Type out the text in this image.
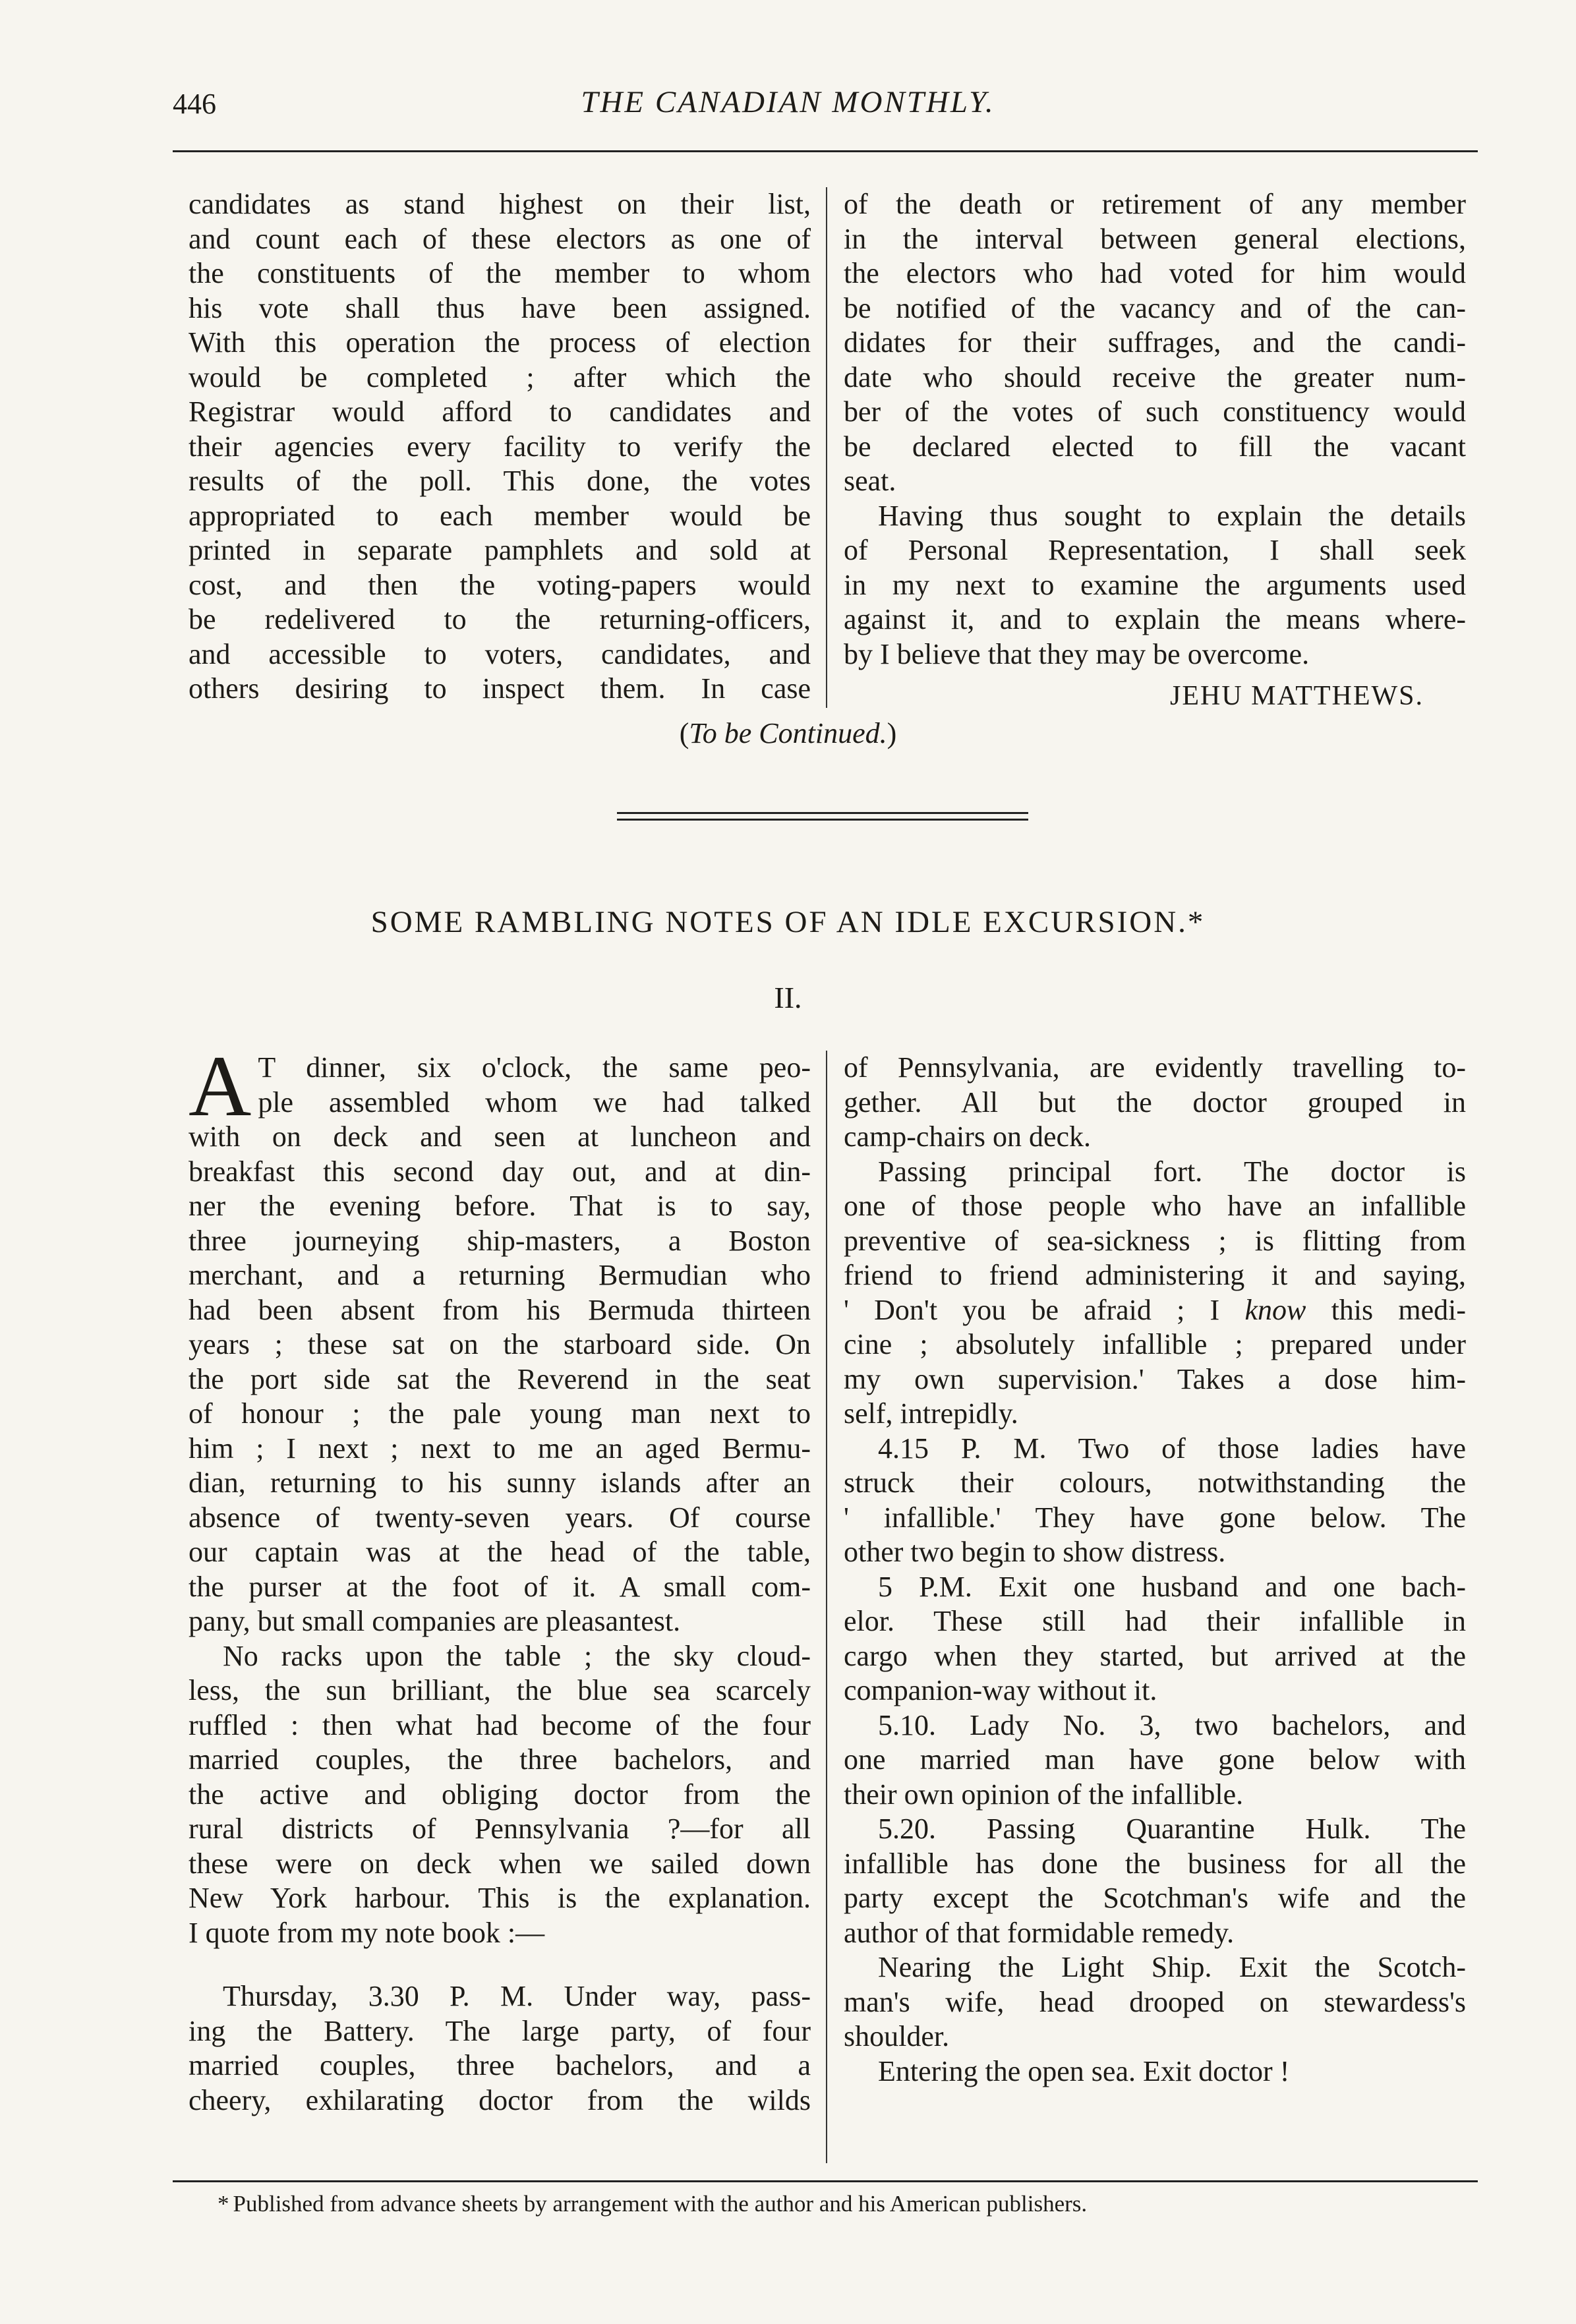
446	THE CANADIAN MONTHLY.
candidates as stand highest on their list,
and count each of these electors as one of
the constituents of the member to whom
his vote shall thus have been assigned.
With this operation the process of election
would be completed ; after which the
Registrar would afford to candidates and
their agencies every facility to verify the
results of the poll. This done, the votes
appropriated to each member would be
printed in separate pamphlets and sold at
cost, and then the voting-papers would
be redelivered to the returning-officers,
and accessible to voters, candidates, and
others desiring to inspect them. In case
of the death or retirement of any member
in the interval between general elections,
the electors who had voted for him would
be notified of the vacancy and of the can-
didates for their suffrages, and the candi-
date who should receive the greater num-
ber of the votes of such constituency would
be declared elected to fill the vacant
seat.
Having thus sought to explain the details
of Personal Representation, I shall seek
in my next to examine the arguments used
against it, and to explain the means where-
by I believe that they may be overcome.
JEHU MATTHEWS.
(To be Continued.)
SOME RAMBLING NOTES OF AN IDLE EXCURSION.*
II.
A T dinner, six o'clock, the same peo-
ple assembled whom we had talked
with on deck and seen at luncheon and
breakfast this second day out, and at din-
ner the evening before. That is to say,
three journeying ship-masters, a Boston
merchant, and a returning Bermudian who
had been absent from his Bermuda thirteen
years ; these sat on the starboard side. On
the port side sat the Reverend in the seat
of honour ; the pale young man next to
him ; I next ; next to me an aged Bermu-
dian, returning to his sunny islands after an
absence of twenty-seven years. Of course
our captain was at the head of the table,
the purser at the foot of it. A small com-
pany, but small companies are pleasantest.
No racks upon the table ; the sky cloud-
less, the sun brilliant, the blue sea scarcely
ruffled : then what had become of the four
married couples, the three bachelors, and
the active and obliging doctor from the
rural districts of Pennsylvania ?—for all
these were on deck when we sailed down
New York harbour. This is the explanation.
I quote from my note book :—
Thursday, 3.30 P. M. Under way, pass-
ing the Battery. The large party, of four
married couples, three bachelors, and a
cheery, exhilarating doctor from the wilds
of Pennsylvania, are evidently travelling to-
gether. All but the doctor grouped in
camp-chairs on deck.
Passing principal fort. The doctor is
one of those people who have an infallible
preventive of sea-sickness ; is flitting from
friend to friend administering it and saying,
' Don't you be afraid ; I know this medi-
cine ; absolutely infallible ; prepared under
my own supervision.' Takes a dose him-
self, intrepidly.
4.15 P. M. Two of those ladies have
struck their colours, notwithstanding the
' infallible.' They have gone below. The
other two begin to show distress.
5 P.M. Exit one husband and one bach-
elor. These still had their infallible in
cargo when they started, but arrived at the
companion-way without it.
5.10. Lady No. 3, two bachelors, and
one married man have gone below with
their own opinion of the infallible.
5.20. Passing Quarantine Hulk. The
infallible has done the business for all the
party except the Scotchman's wife and the
author of that formidable remedy.
Nearing the Light Ship. Exit the Scotch-
man's wife, head drooped on stewardess's
shoulder.
Entering the open sea. Exit doctor !
* Published from advance sheets by arrangement with the author and his American publishers.
